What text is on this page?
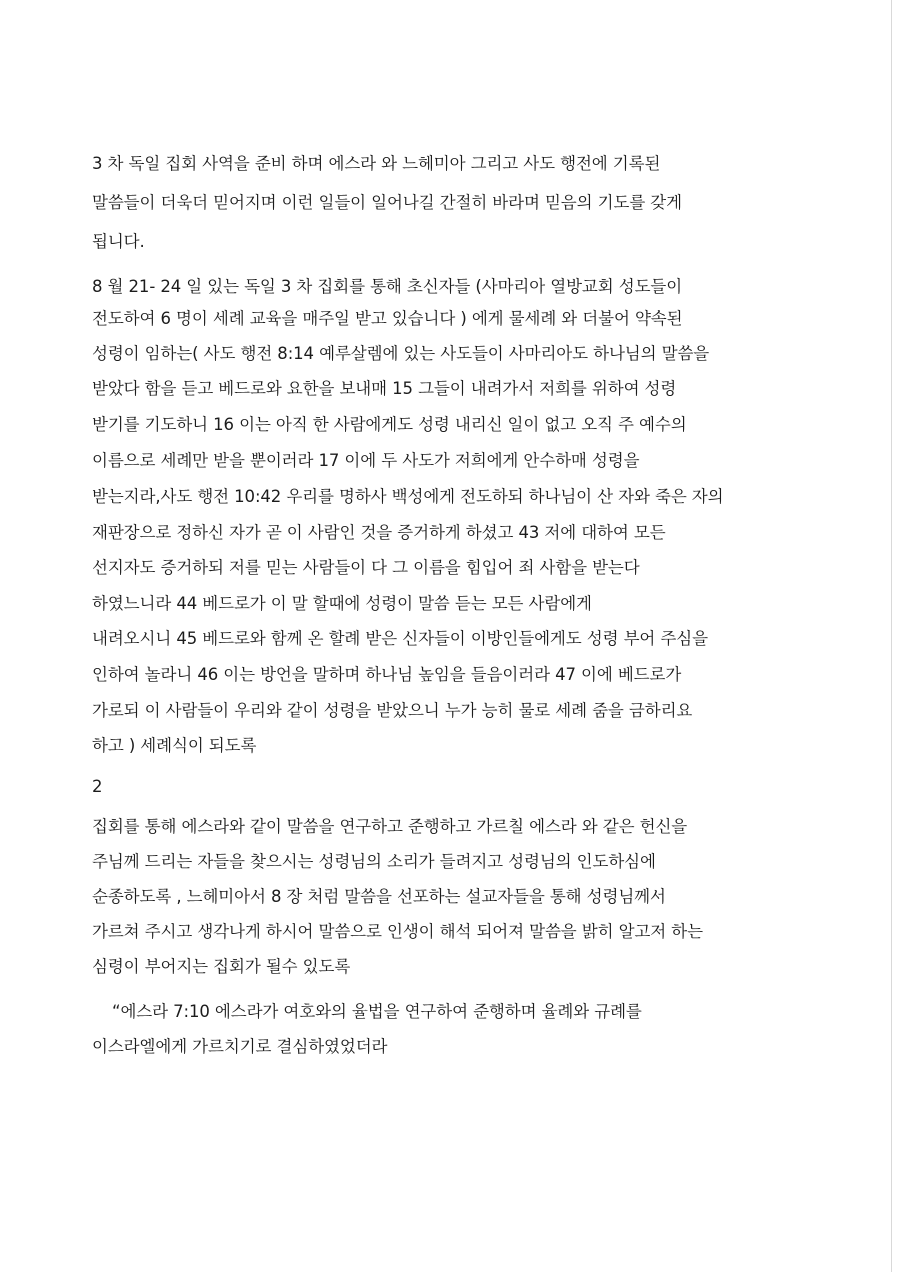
3 차 독일 집회 사역을 준비 하며 에스라 와 느헤미아 그리고 사도 행전에 기록된
말씀들이 더욱더 믿어지며 이런 일들이 일어나길 간절히 바라며 믿음의 기도를 갖게
됩니다.
8 월 21- 24 일 있는 독일 3 차 집회를 통해 초신자들 (사마리아 열방교회 성도들이
전도하여 6 명이 세례 교육을 매주일 받고 있습니다 ) 에게 물세례 와 더불어 약속된
성령이 임하는( 사도 행전 8:14 예루살렘에 있는 사도들이 사마리아도 하나님의 말씀을
받았다 함을 듣고 베드로와 요한을 보내매 15 그들이 내려가서 저희를 위하여 성령
받기를 기도하니 16 이는 아직 한 사람에게도 성령 내리신 일이 없고 오직 주 예수의
이름으로 세례만 받을 뿐이러라 17 이에 두 사도가 저희에게 안수하매 성령을
받는지라,사도 행전 10:42 우리를 명하사 백성에게 전도하되 하나님이 산 자와 죽은 자의
재판장으로 정하신 자가 곧 이 사람인 것을 증거하게 하셨고 43 저에 대하여 모든
선지자도 증거하되 저를 믿는 사람들이 다 그 이름을 힘입어 죄 사함을 받는다
하였느니라 44 베드로가 이 말 할때에 성령이 말씀 듣는 모든 사람에게
내려오시니 45 베드로와 함께 온 할례 받은 신자들이 이방인들에게도 성령 부어 주심을
인하여 놀라니 46 이는 방언을 말하며 하나님 높임을 들음이러라 47 이에 베드로가
가로되 이 사람들이 우리와 같이 성령을 받았으니 누가 능히 물로 세례 줌을 금하리요
하고 ) 세례식이 되도록
2
집회를 통해 에스라와 같이 말씀을 연구하고 준행하고 가르칠 에스라 와 같은 헌신을
주님께 드리는 자들을 찾으시는 성령님의 소리가 들려지고 성령님의 인도하심에
순종하도록 , 느헤미아서 8 장 처럼 말씀을 선포하는 설교자들을 통해 성령님께서
가르쳐 주시고 생각나게 하시어 말씀으로 인생이 해석 되어져 말씀을 밝히 알고저 하는
심령이 부어지는 집회가 될수 있도록
“에스라 7:10 에스라가 여호와의 율법을 연구하여 준행하며 율례와 규례를
이스라엘에게 가르치기로 결심하였었더라
